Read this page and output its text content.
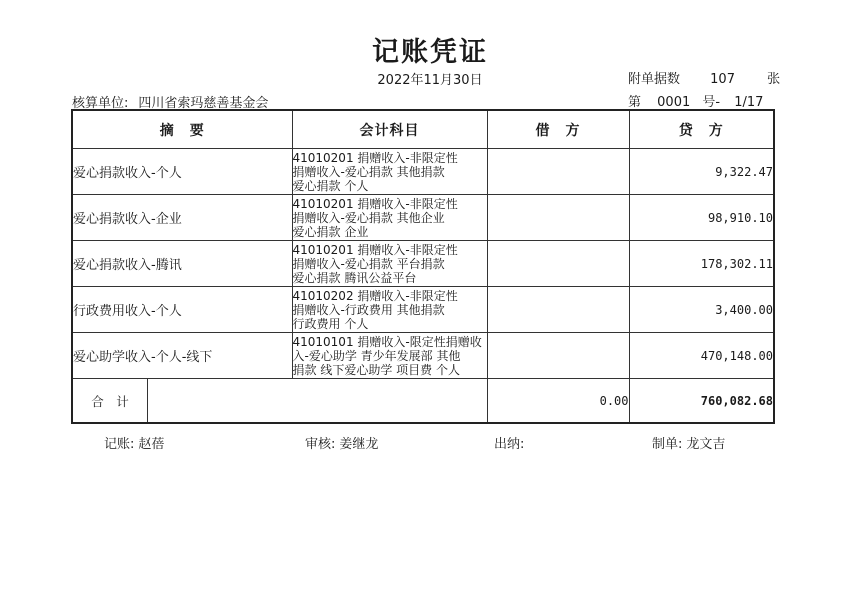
记账凭证
2022年11月30日	附单据数 107 张
核算单位: 四川省索玛慈善基金会	第 0001 号- 1/17
摘　要	会计科目	借　方	贷　方
爱心捐款收入-个人	41010201 捐赠收入-非限定性
捐赠收入-爱心捐款 其他捐款
爱心捐款 个人		9,322.47
爱心捐款收入-企业	41010201 捐赠收入-非限定性
捐赠收入-爱心捐款 其他企业
爱心捐款 企业		98,910.10
爱心捐款收入-腾讯	41010201 捐赠收入-非限定性
捐赠收入-爱心捐款 平台捐款
爱心捐款 腾讯公益平台		178,302.11
行政费用收入-个人	41010202 捐赠收入-非限定性
捐赠收入-行政费用 其他捐款
行政费用 个人		3,400.00
爱心助学收入-个人-线下	41010101 捐赠收入-限定性捐赠收
入-爱心助学 青少年发展部 其他
捐款 线下爱心助学 项目费 个人		470,148.00

合　计		0.00	760,082.68
记账: 赵蓓	审核: 姜继龙	出纳:	制单: 龙文吉
